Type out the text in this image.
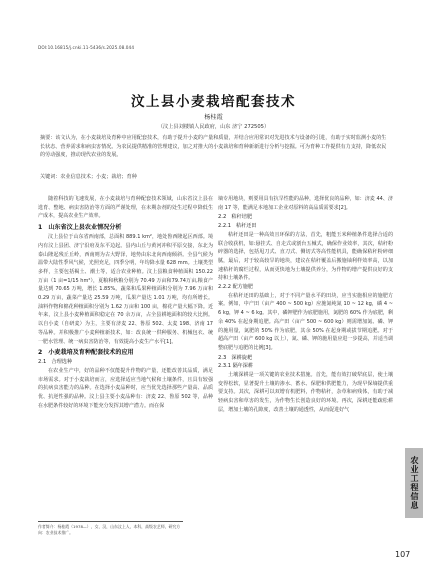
DOI:10.16815/j.cnki.11-5436/s.2025.08.044
汶上县小麦栽培配套技术
杨桂霞
（汶上县刘楼镇人民政府，山东 济宁 272505）
摘要：该文认为，在小麦栽培及育种中应用配套技术，有助于提升小麦的产量和质量，并结合应用常识对先进技术与设备的引进，有助于实时监测小麦的生长状态、营养需求和病虫害情况。为农民提供精准的管理建议，加之对推大的小麦栽培和育种新新进行分析与挖掘。可为育种工作提供有力支持，降低农民的劳动强度，推动现代农业的发展。
关键词：农业信息技术；小麦；栽培；育种

随着科技的飞速发展，在小麦栽培与育种配套技术领域，山东省汶上县在选育、整地、病虫害防治等方面的严谨处理，在未期杂剂的处生过程中降低生产成本，提高农业生产效率。

1　山东省汶上县农业情况分析

汶上县位于山东省西南部，总面积 889.1 km²，地处鲁西隆起区西部。境内有汶上县团、济宁沿府及东平边起。县内山丘与黄河冲积平原交接，东北为泰山隆起残丘丘岭，西南则为古大野泽，地势由东北向西南倾斜。全县气候为温带大陆性季风气候，光照充足，四季分明，年均降水量 628 mm。土壤类型多样，主要包括褐土、潮土等，适合农业种植。汶上县粮食种植面积 150.22 万亩（1 亩=1/15 hm²），夏粮和秋粮分别为 70.49 万亩和79.74万亩,粮食产量达到 70.65 万吨，增长 1.85%。蔬菜和瓜果种植面积分别为 7.96 万亩和 0.29 万亩，蔬菜产量达 25.59 万吨，瓜果产量达 1.01 万吨，均有所增长。油料作物和棉花种植面积分别为 1.62 万亩和 100 亩，棉花产量大幅下降。近年来，汶上县小麦种植面积稳定在 70 余万亩，占全县耕地面积的较大比例。以自小麦（自研麦）为主，主要有济麦 22、鲁原 502、太麦 198、济南 17 等品种。并积极推广小麦种植新技术，如：改良统一供种服务、机械包衣、统一肥水管理、统一病虫害防治等，有效提高小麦生产水平[1]。

2　小麦栽培及育种配套技术的应用
2.1　合理选种

在农业生产中，好的品种不仅能提升作物的产量，还能改善其品质，满足市场需求。对于小麦栽培而言，应选择适应当地气候和土壤条件，且具有较强的抗病虫害能力的品种。在选择小麦品种时，应当优先选择那些产量高、品质优、抗逆性强的品种。汶上县主要小麦品种有：济麦 22、鲁原 502 等，品种在水肥条件较好的环境下能充分发挥其增产潜力。而在保

墒专用地块，则要用具有抗旱性能的品种，选择优良的品种，如：济麦 44、济南 17 等，能满足本地加工企业对原料的高品质需要求[2]。

2.2　秸秆培肥
2.2.1　秸秆还田

秸秆还田是一种高效且环保的方法，首先，粗能玉米种植条件选择合适的联合收获机，如:悬挂式、自走式或割台五械式，确保作业效率，其次，秸秆粉碎器的选择，包括甩刀式、直刀式、侧切式等高性能机具，能确保秸秆粉碎细腻，最后，对于较高较旱的地块，建议在秸秆覆盖后搬施铀利样效率高，以加速秸秆的腐烂过程，从而更快地为土壤提供养分，为作物的增产提供良好的支持和土壤条件。

2.2.2 配方施肥

在秸秆还田的基础上，对于不同产量水平的田块，应当实施相应的施肥方案。例如，中产田（亩产 400 ~ 500 kg）应施氮纯氮 10 ~ 12 kg，磷 4 ~ 6 kg，钾 4 ~ 6 kg。其中，磷钾肥作为底肥施用，氮肥的 60% 作为底肥，剩余 40% 在起身期追肥。高产田（亩产 500 ~ 600 kg）则需增加氮、磷、钾的施用量，氮肥的 50% 作为底肥，其余 50% 在起身期或拔节期追肥。对于超高产田（亩产 600 kg 以上），氮、磷、钾的施用量应进一步提高，并适当调整底肥与追肥的比例[3]。

2.3　深耕旋耙
2.3.1 隔年深耕

土壤深耕是一项关键的农业技术措施。首先，能有效打破犁底层，使土壤变得松软，显著提升土壤的渗水、蓄水、保肥和供肥能力，为现早保墒提供重要支持。其次，深耕可以双增有机肥料，作物秸秆，杂草和病残体，有助于减轻病虫害和草害的发生，为作物生长创造良好的环境。再次，深耕还能疏松耕层，增加土壤的孔隙度，改善土壤的通透性，从而促进好气

作者简介：杨桂霞（1978—），女，汉，山东汶上人，本科，高级农艺师，研究方向：农业技术推广。
农业工程信息
107
